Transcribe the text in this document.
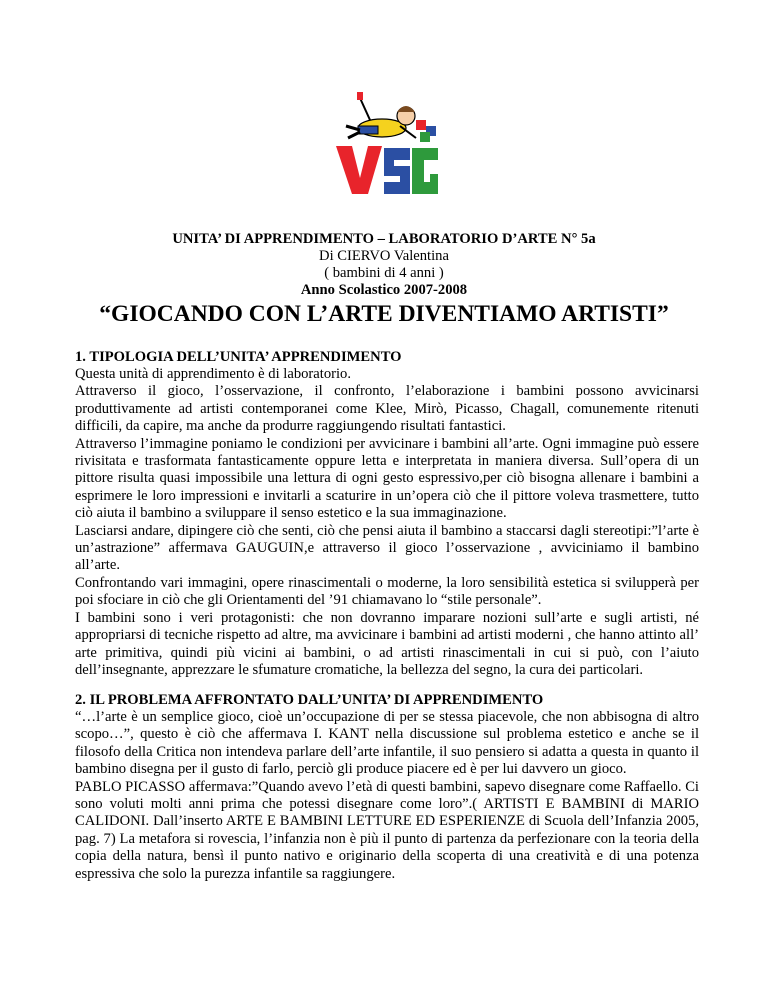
UNITA’ DI APPRENDIMENTO – LABORATORIO D’ARTE N° 5a
Di CIERVO Valentina
( bambini di 4 anni )
Anno Scolastico 2007-2008
“GIOCANDO CON L’ARTE DIVENTIAMO ARTISTI”
1. TIPOLOGIA DELL’UNITA’ APPRENDIMENTO

Questa unità di apprendimento è di laboratorio.

Attraverso il gioco, l’osservazione, il confronto, l’elaborazione i bambini possono avvicinarsi produttivamente ad artisti contemporanei come Klee, Mirò, Picasso, Chagall, comunemente ritenuti difficili, da capire, ma anche da produrre raggiungendo risultati fantastici.

Attraverso l’immagine poniamo le condizioni per avvicinare i bambini all’arte. Ogni immagine può essere rivisitata e trasformata fantasticamente oppure letta e interpretata in maniera diversa. Sull’opera di un pittore risulta quasi impossibile una lettura di ogni gesto espressivo,per ciò bisogna allenare i bambini a esprimere le loro impressioni e invitarli a scaturire in un’opera ciò che il pittore voleva trasmettere, tutto ciò aiuta il bambino a sviluppare il senso estetico e la sua immaginazione.

Lasciarsi andare, dipingere ciò che senti, ciò che pensi aiuta il bambino a staccarsi dagli stereotipi:”l’arte è un’astrazione” affermava GAUGUIN,e attraverso il gioco l’osservazione , avviciniamo il bambino all’arte.

Confrontando vari immagini, opere rinascimentali o moderne, la loro sensibilità estetica si svilupperà per poi sfociare in ciò che gli Orientamenti del ’91 chiamavano lo “stile personale”.

I bambini sono i veri protagonisti: che non dovranno imparare nozioni sull’arte e sugli artisti, né appropriarsi di tecniche rispetto ad altre, ma avvicinare i bambini ad artisti moderni , che hanno attinto all’ arte primitiva, quindi più vicini ai bambini, o ad artisti rinascimentali in cui si può, con l’aiuto dell’insegnante, apprezzare le sfumature cromatiche, la bellezza del segno, la cura dei particolari.

2. IL PROBLEMA AFFRONTATO DALL’UNITA’ DI APPRENDIMENTO

“…l’arte è un semplice gioco, cioè un’occupazione di per se stessa piacevole, che non abbisogna di altro scopo…”, questo è ciò che affermava I. KANT nella discussione sul problema estetico e anche se il filosofo della Critica non intendeva parlare dell’arte infantile, il suo pensiero si adatta a questa in quanto il bambino disegna per il gusto di farlo, perciò gli produce piacere ed è per lui davvero un gioco.

PABLO PICASSO affermava:”Quando avevo l’età di questi bambini, sapevo disegnare come Raffaello. Ci sono voluti molti anni prima che potessi disegnare come loro”.( ARTISTI E BAMBINI di MARIO CALIDONI. Dall’inserto ARTE E BAMBINI LETTURE ED ESPERIENZE di Scuola dell’Infanzia 2005, pag. 7) La metafora si rovescia, l’infanzia non è più il punto di partenza da perfezionare con la teoria della copia della natura, bensì il punto nativo e originario della scoperta di una creatività e di una potenza espressiva che solo la purezza infantile sa raggiungere.
